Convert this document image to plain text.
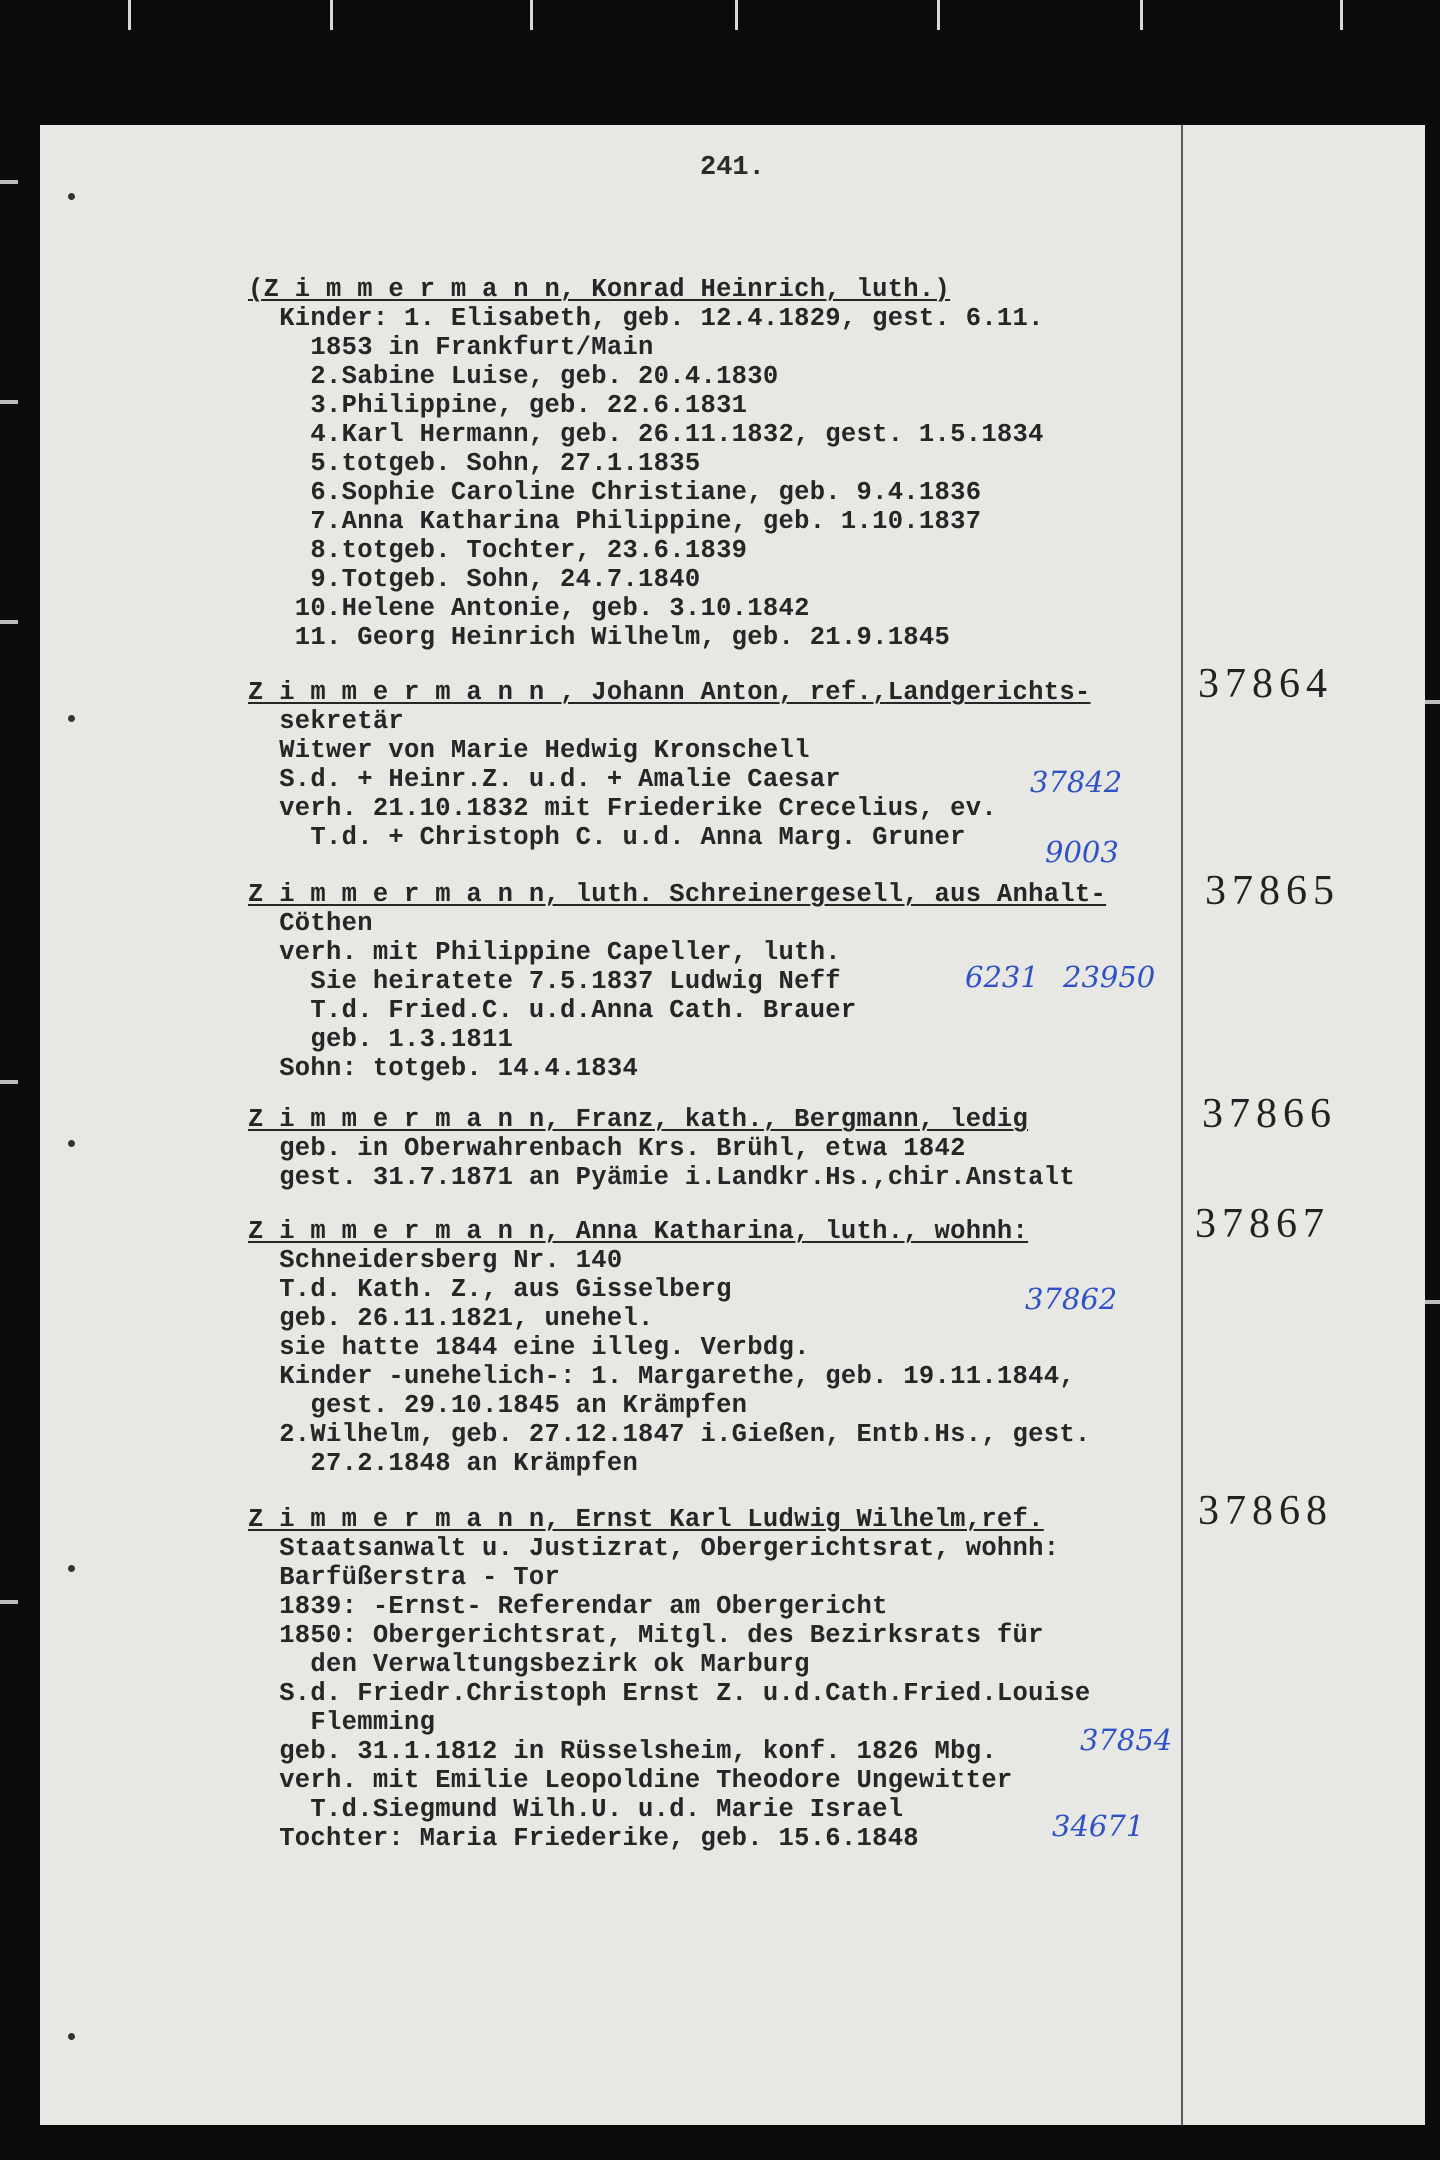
241.
(Z i m m e r m a n n, Konrad Heinrich, luth.)
Kinder: 1. Elisabeth, geb. 12.4.1829, gest. 6.11.
1853 in Frankfurt/Main
2.Sabine Luise, geb. 20.4.1830
3.Philippine, geb. 22.6.1831
4.Karl Hermann, geb. 26.11.1832, gest. 1.5.1834
5.totgeb. Sohn, 27.1.1835
6.Sophie Caroline Christiane, geb. 9.4.1836
7.Anna Katharina Philippine, geb. 1.10.1837
8.totgeb. Tochter, 23.6.1839
9.Totgeb. Sohn, 24.7.1840
10.Helene Antonie, geb. 3.10.1842
11. Georg Heinrich Wilhelm, geb. 21.9.1845
Z i m m e r m a n n , Johann Anton, ref.,Landgerichts-
sekretär
Witwer von Marie Hedwig Kronschell
S.d. + Heinr.Z. u.d. + Amalie Caesar
verh. 21.10.1832 mit Friederike Crecelius, ev.
T.d. + Christoph C. u.d. Anna Marg. Gruner
37864
37842
9003
Z i m m e r m a n n, luth. Schreinergesell, aus Anhalt-
Cöthen
verh. mit Philippine Capeller, luth.
Sie heiratete 7.5.1837 Ludwig Neff
T.d. Fried.C. u.d.Anna Cath. Brauer
geb. 1.3.1811
Sohn: totgeb. 14.4.1834
37865
6231 23950
Z i m m e r m a n n, Franz, kath., Bergmann, ledig
geb. in Oberwahrenbach Krs. Brühl, etwa 1842
gest. 31.7.1871 an Pyämie i.Landkr.Hs.,chir.Anstalt
37866
Z i m m e r m a n n, Anna Katharina, luth., wohnh:
Schneidersberg Nr. 140
T.d. Kath. Z., aus Gisselberg
geb. 26.11.1821, unehel.
sie hatte 1844 eine illeg. Verbdg.
Kinder -unehelich-: 1. Margarethe, geb. 19.11.1844,
gest. 29.10.1845 an Krämpfen
2.Wilhelm, geb. 27.12.1847 i.Gießen, Entb.Hs., gest.
27.2.1848 an Krämpfen
37867
37862
Z i m m e r m a n n, Ernst Karl Ludwig Wilhelm,ref.
Staatsanwalt u. Justizrat, Obergerichtsrat, wohnh:
Barfüßerstra - Tor
1839: -Ernst- Referendar am Obergericht
1850: Obergerichtsrat, Mitgl. des Bezirksrats für
den Verwaltungsbezirk ok Marburg
S.d. Friedr.Christoph Ernst Z. u.d.Cath.Fried.Louise
Flemming
geb. 31.1.1812 in Rüsselsheim, konf. 1826 Mbg.
verh. mit Emilie Leopoldine Theodore Ungewitter
T.d.Siegmund Wilh.U. u.d. Marie Israel
Tochter: Maria Friederike, geb. 15.6.1848
37868
37854
34671
